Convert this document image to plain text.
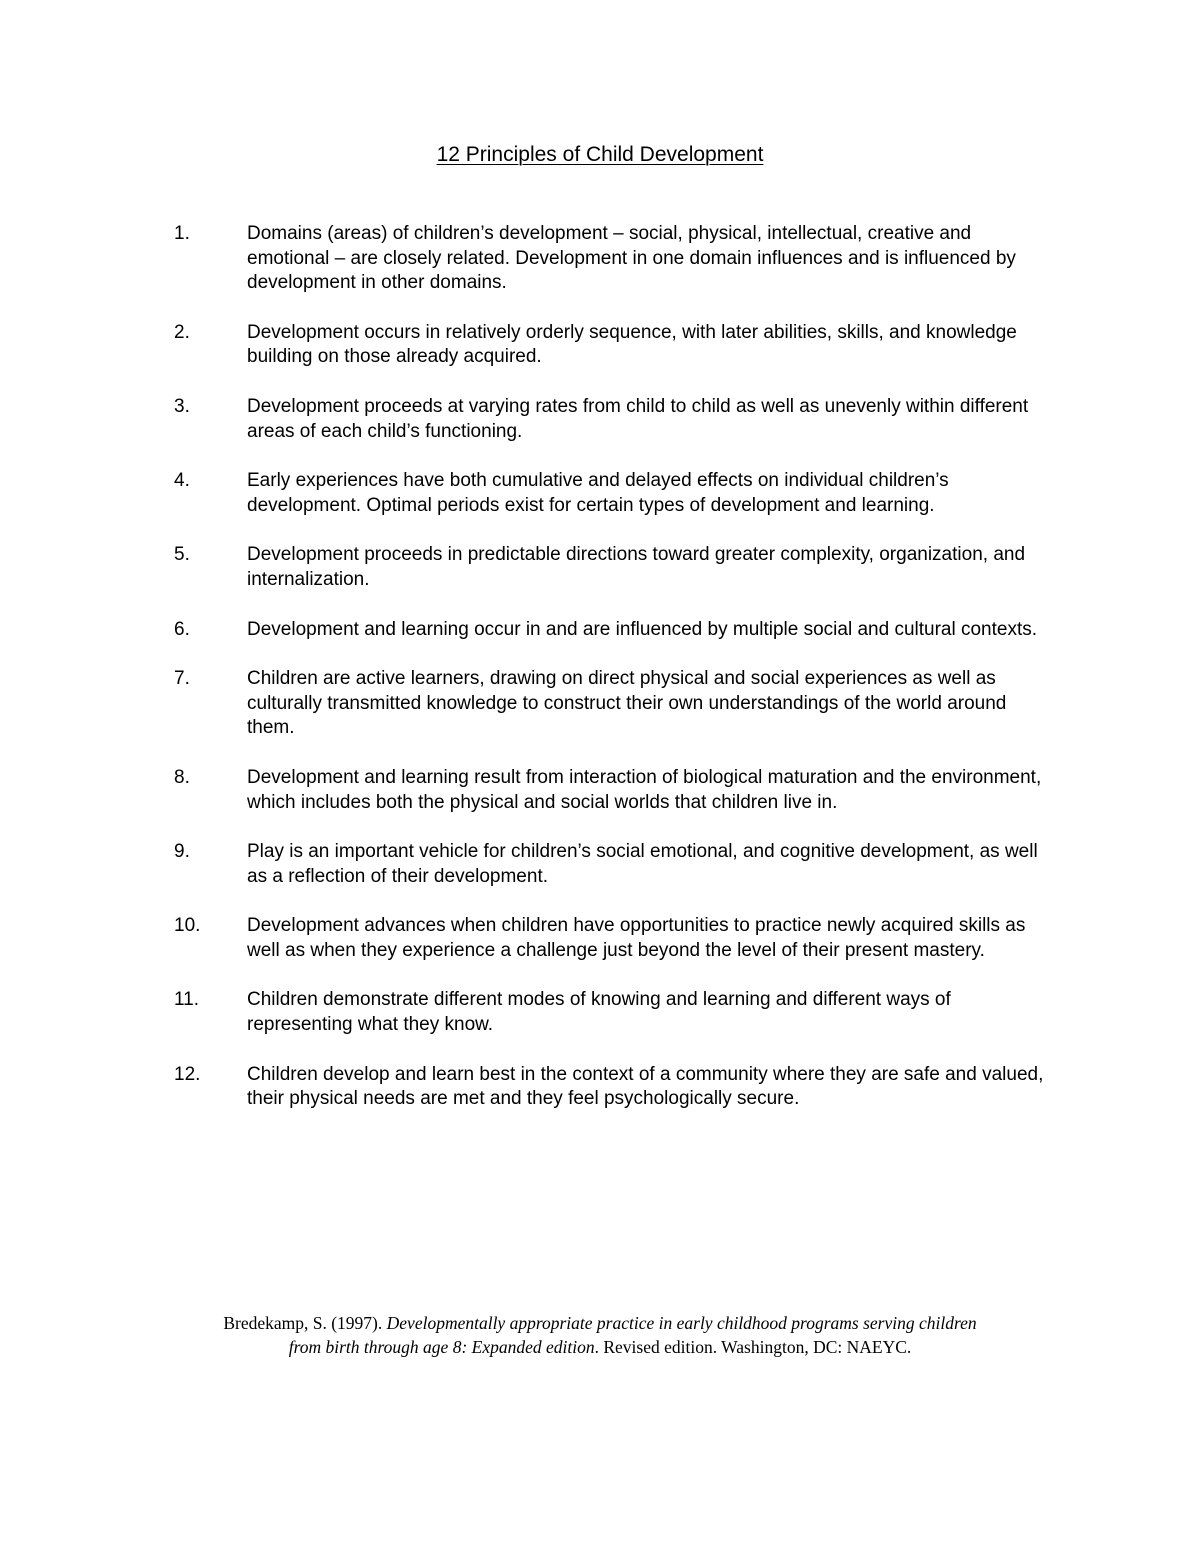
12 Principles of Child Development
1.	Domains (areas) of children’s development – social, physical, intellectual, creative and emotional – are closely related. Development in one domain influences and is influenced by development in other domains.
2.	Development occurs in relatively orderly sequence, with later abilities, skills, and knowledge building on those already acquired.
3.	Development proceeds at varying rates from child to child as well as unevenly within different areas of each child’s functioning.
4.	Early experiences have both cumulative and delayed effects on individual children’s development. Optimal periods exist for certain types of development and learning.
5.	Development proceeds in predictable directions toward greater complexity, organization, and internalization.
6.	Development and learning occur in and are influenced by multiple social and cultural contexts.
7.	Children are active learners, drawing on direct physical and social experiences as well as culturally transmitted knowledge to construct their own understandings of the world around them.
8.	Development and learning result from interaction of biological maturation and the environment, which includes both the physical and social worlds that children live in.
9.	Play is an important vehicle for children’s social emotional, and cognitive development, as well as a reflection of their development.
10.	Development advances when children have opportunities to practice newly acquired skills as well as when they experience a challenge just beyond the level of their present mastery.
11.	Children demonstrate different modes of knowing and learning and different ways of representing what they know.
12.	Children develop and learn best in the context of a community where they are safe and valued, their physical needs are met and they feel psychologically secure.
Bredekamp, S. (1997). Developmentally appropriate practice in early childhood programs serving children
from birth through age 8: Expanded edition. Revised edition. Washington, DC: NAEYC.
